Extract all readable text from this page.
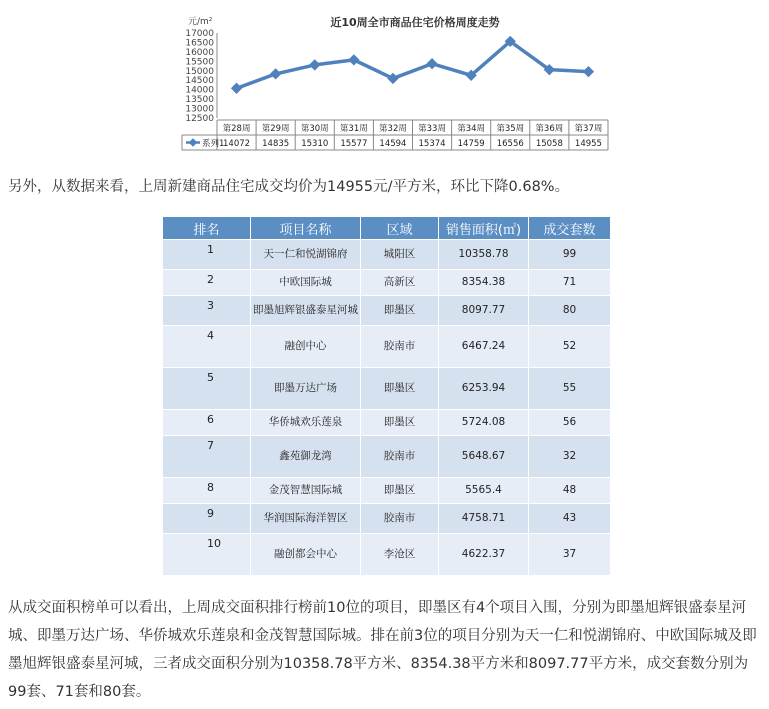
近10周全市商品住宅价格周度走势
元/m²
12500
13000
13500
14000
14500
15000
15500
16000
16500
17000
第28周 第29周 第30周 第31周 第32周 第33周 第34周 第35周 第36周 第37周
14072 14835 15310 15577 14594 15374 14759 16556 15058 14955
系列1
另外，从数据来看，上周新建商品住宅成交均价为14955元/平方米，环比下降0.68%。
排名	项目名称	区域	销售面积(㎡)	成交套数
1	天一仁和悦湖锦府	城阳区	10358.78	99
2	中欧国际城	高新区	8354.38	71
3	即墨旭辉银盛泰星河城	即墨区	8097.77	80
4	融创中心	胶南市	6467.24	52
5	即墨万达广场	即墨区	6253.94	55
6	华侨城欢乐莲泉	即墨区	5724.08	56
7	鑫苑御龙湾	胶南市	5648.67	32
8	金茂智慧国际城	即墨区	5565.4	48
9	华润国际海洋智区	胶南市	4758.71	43
10	融创都会中心	李沧区	4622.37	37
从成交面积榜单可以看出，上周成交面积排行榜前10位的项目，即墨区有4个项目入围，分别为即墨旭辉银盛泰星河城、即墨万达广场、华侨城欢乐莲泉和金茂智慧国际城。排在前3位的项目分别为天一仁和悦湖锦府、中欧国际城及即墨旭辉银盛泰星河城，三者成交面积分别为10358.78平方米、8354.38平方米和8097.77平方米，成交套数分别为99套、71套和80套。
